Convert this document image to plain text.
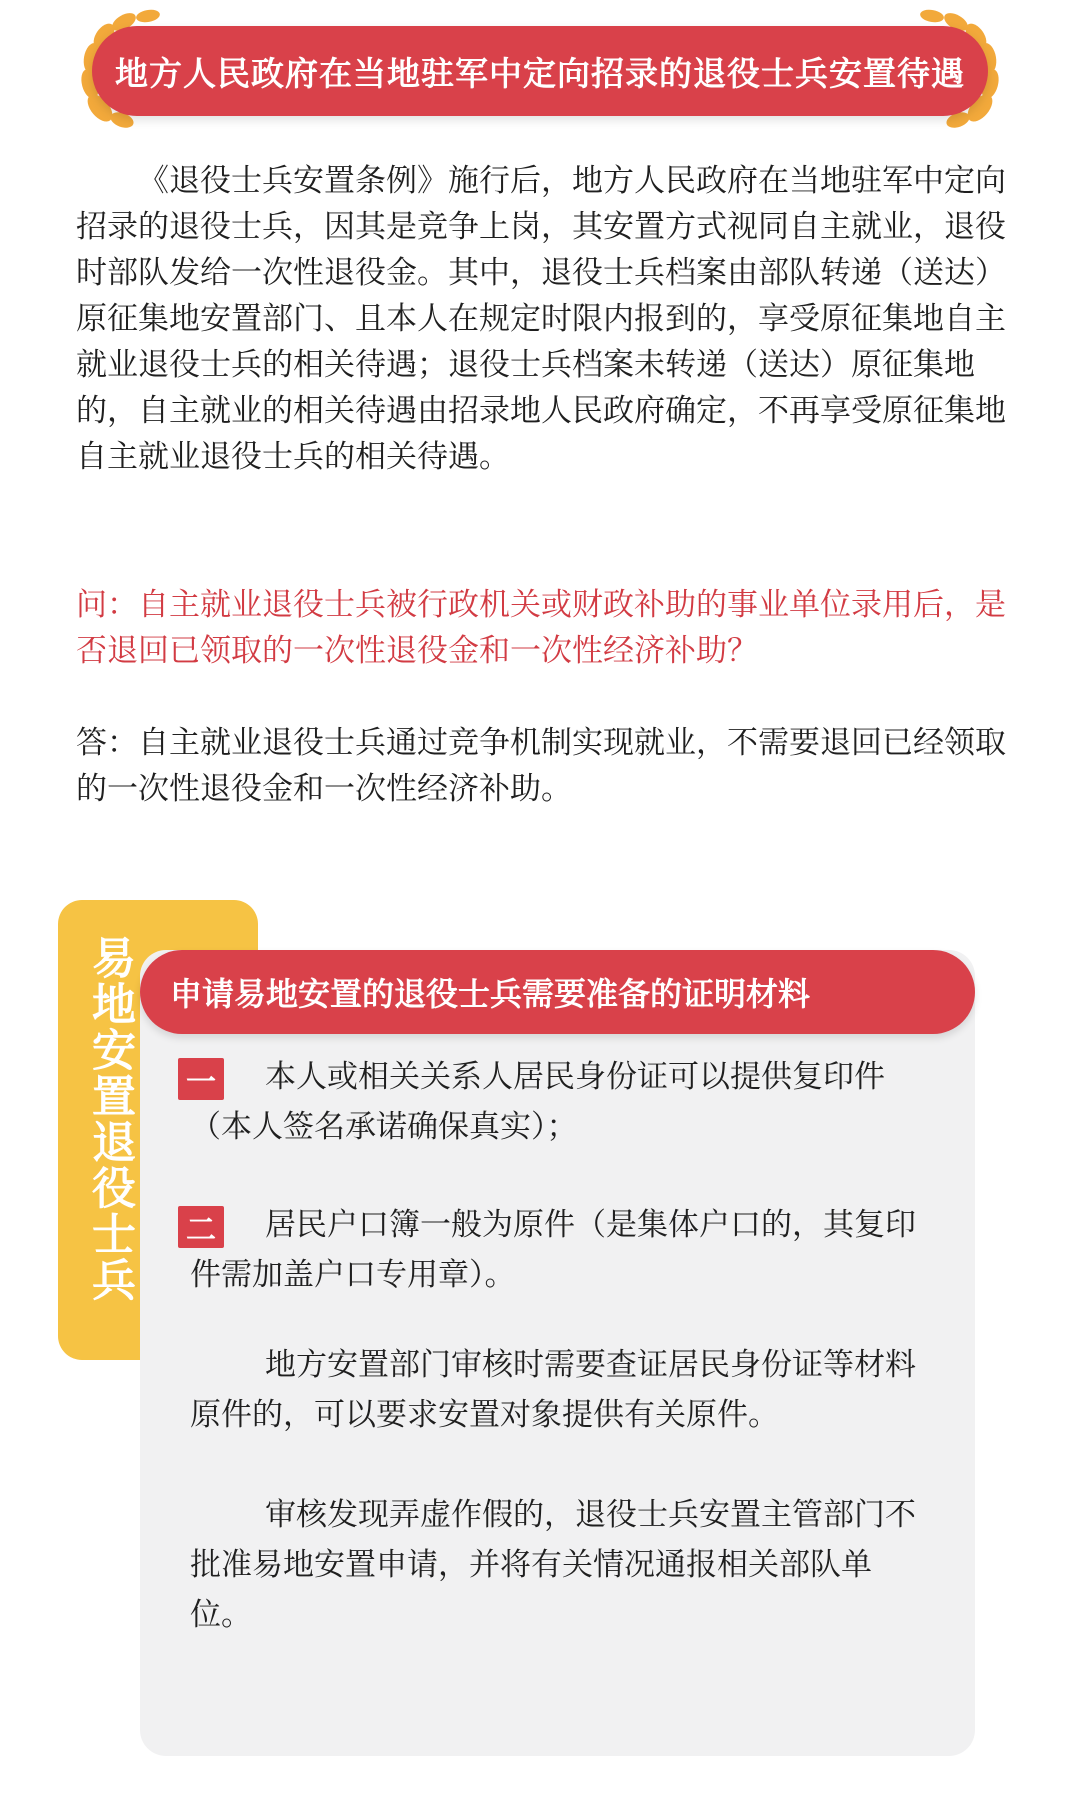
地方人民政府在当地驻军中定向招录的退役士兵安置待遇

《退役士兵安置条例》施行后，地方人民政府在当地驻军中定向招录的退役士兵，因其是竞争上岗，其安置方式视同自主就业，退役时部队发给一次性退役金。其中，退役士兵档案由部队转递（送达）原征集地安置部门、且本人在规定时限内报到的，享受原征集地自主就业退役士兵的相关待遇；退役士兵档案未转递（送达）原征集地的，自主就业的相关待遇由招录地人民政府确定，不再享受原征集地自主就业退役士兵的相关待遇。

问：自主就业退役士兵被行政机关或财政补助的事业单位录用后，是否退回已领取的一次性退役金和一次性经济补助？

答：自主就业退役士兵通过竞争机制实现就业，不需要退回已经领取的一次性退役金和一次性经济补助。

易地安置退役士兵 申请易地安置的退役士兵需要准备的证明材料
一	本人或相关关系人居民身份证可以提供复印件（本人签名承诺确保真实）；

二	居民户口簿一般为原件（是集体户口的，其复印件需加盖户口专用章）。

地方安置部门审核时需要查证居民身份证等材料原件的，可以要求安置对象提供有关原件。

审核发现弄虚作假的，退役士兵安置主管部门不批准易地安置申请，并将有关情况通报相关部队单位。
